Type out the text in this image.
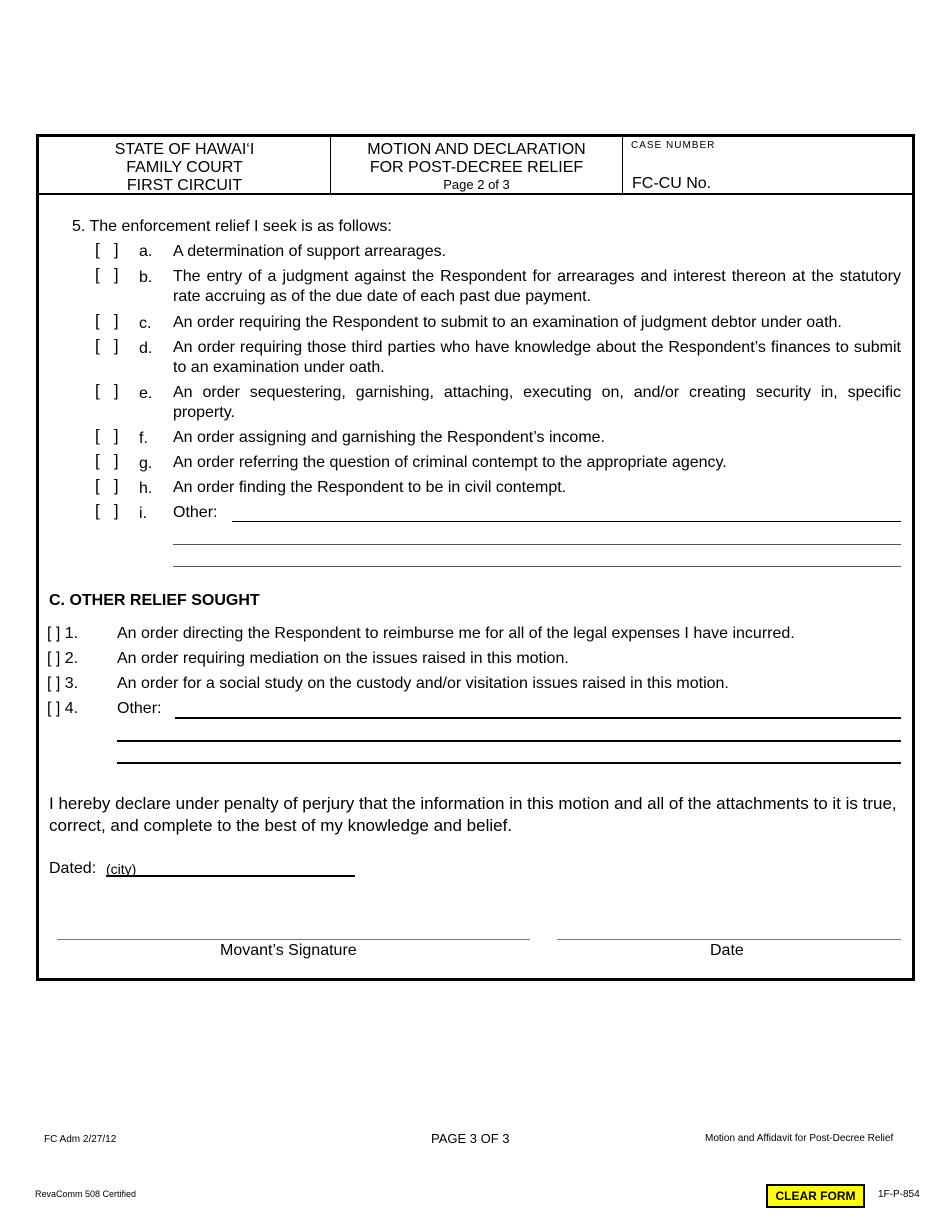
STATE OF HAWAI‘I
FAMILY COURT
FIRST CIRCUIT
MOTION AND DECLARATION
FOR POST-DECREE RELIEF
Page 2 of 3
CASE NUMBER
FC-CU No.
5. The enforcement relief I seek is as follows:
[   ] a. A determination of support arrearages.
[   ] b. The entry of a judgment against the Respondent for arrearages and interest thereon at the statutory rate accruing as of the due date of each past due payment.
[   ] c. An order requiring the Respondent to submit to an examination of judgment debtor under oath.
[   ] d. An order requiring those third parties who have knowledge about the Respondent’s finances to submit to an examination under oath.
[   ] e. An order sequestering, garnishing, attaching, executing on, and/or creating security in, specific property.
[   ] f. An order assigning and garnishing the Respondent’s income.
[   ] g. An order referring the question of criminal contempt to the appropriate agency.
[   ] h. An order finding the Respondent to be in civil contempt.
[   ] i. Other:
C. OTHER RELIEF SOUGHT
[ ] 1. An order directing the Respondent to reimburse me for all of the legal expenses I have incurred.
[ ] 2. An order requiring mediation on the issues raised in this motion.
[ ] 3. An order for a social study on the custody and/or visitation issues raised in this motion.
[ ] 4. Other:
I hereby declare under penalty of perjury that the information in this motion and all of the attachments to it is true, correct, and complete to the best of my knowledge and belief.
Dated: (city)
Movant’s Signature	Date
FC Adm 2/27/12	PAGE 3 OF 3	Motion and Affidavit for Post-Decree Relief
RevaComm 508 Certified	CLEAR FORM	1F-P-854
